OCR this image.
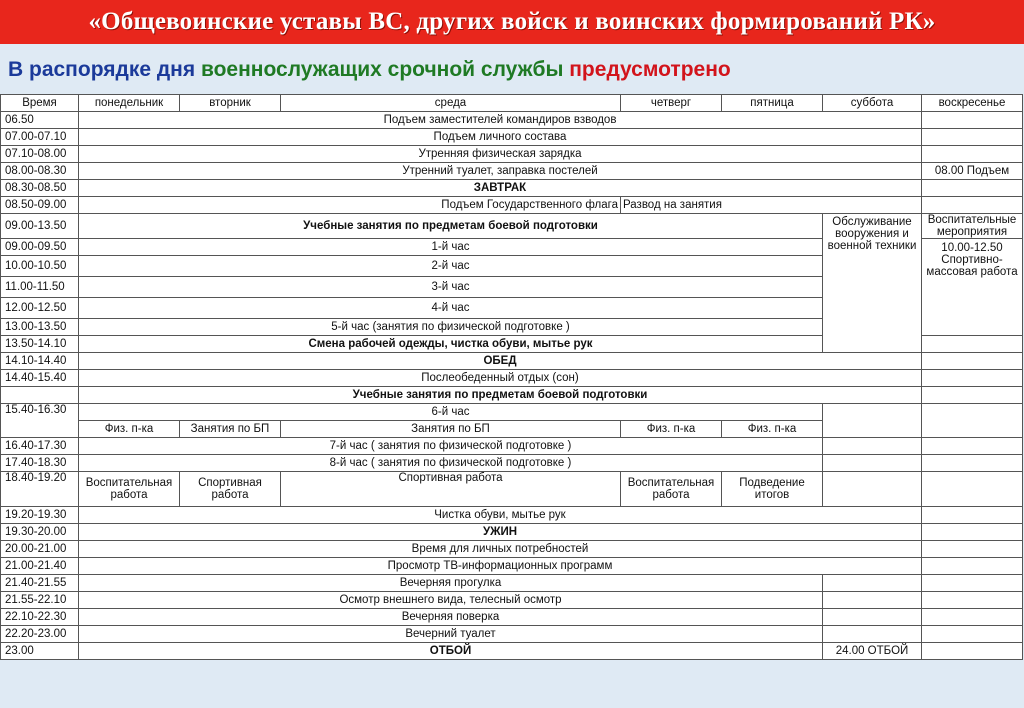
«Общевоинские уставы ВС, других войск и воинских формирований РК»
В распорядке дня военнослужащих срочной службы предусмотрено
Время	понедельник	вторник	среда	четверг	пятница	суббота	воскресенье
06.50	Подъем заместителей командиров взводов						
07.00-07.10	Подъем личного состава						
07.10-08.00	Утренняя физическая зарядка						
08.00-08.30	Утренний туалет, заправка постелей						08.00 Подъем
08.30-08.50	ЗАВТРАК						
08.50-09.00	Подъем Государственного флага			Развод на занятия			
09.00-13.50	Учебные занятия по предметам боевой подготовки					Обслуживание вооружения и военной техники	Воспитательные мероприятия
09.00-09.50	1-й час						10.00-12.50 Спортивно-массовая работа
10.00-10.50	2-й час						
11.00-11.50	3-й час						
12.00-12.50	4-й час						
13.00-13.50	5-й час (занятия по физической подготовке )						
13.50-14.10	Смена рабочей одежды, чистка обуви, мытье рук						
14.10-14.40	ОБЕД						
14.40-15.40	Послеобеденный отдых (сон)						
	Учебные занятия по предметам боевой подготовки						
15.40-16.30	6-й час						
	Физ. п-ка	Занятия по БП	Занятия по БП	Физ. п-ка	Физ. п-ка		
16.40-17.30	7-й час ( занятия по физической подготовке )						
17.40-18.30	8-й час ( занятия по физической подготовке )						
18.40-19.20	Воспитательная работа	Спортивная работа	Спортивная работа	Воспитательная работа	Подведение итогов		
19.20-19.30	Чистка обуви, мытье рук						
19.30-20.00	УЖИН						
20.00-21.00	Время для личных потребностей						
21.00-21.40	Просмотр ТВ-информационных программ						
21.40-21.55	Вечерняя прогулка						
21.55-22.10	Осмотр внешнего вида, телесный осмотр						
22.10-22.30	Вечерняя поверка						
22.20-23.00	Вечерний туалет						
23.00	ОТБОЙ					24.00 ОТБОЙ	
